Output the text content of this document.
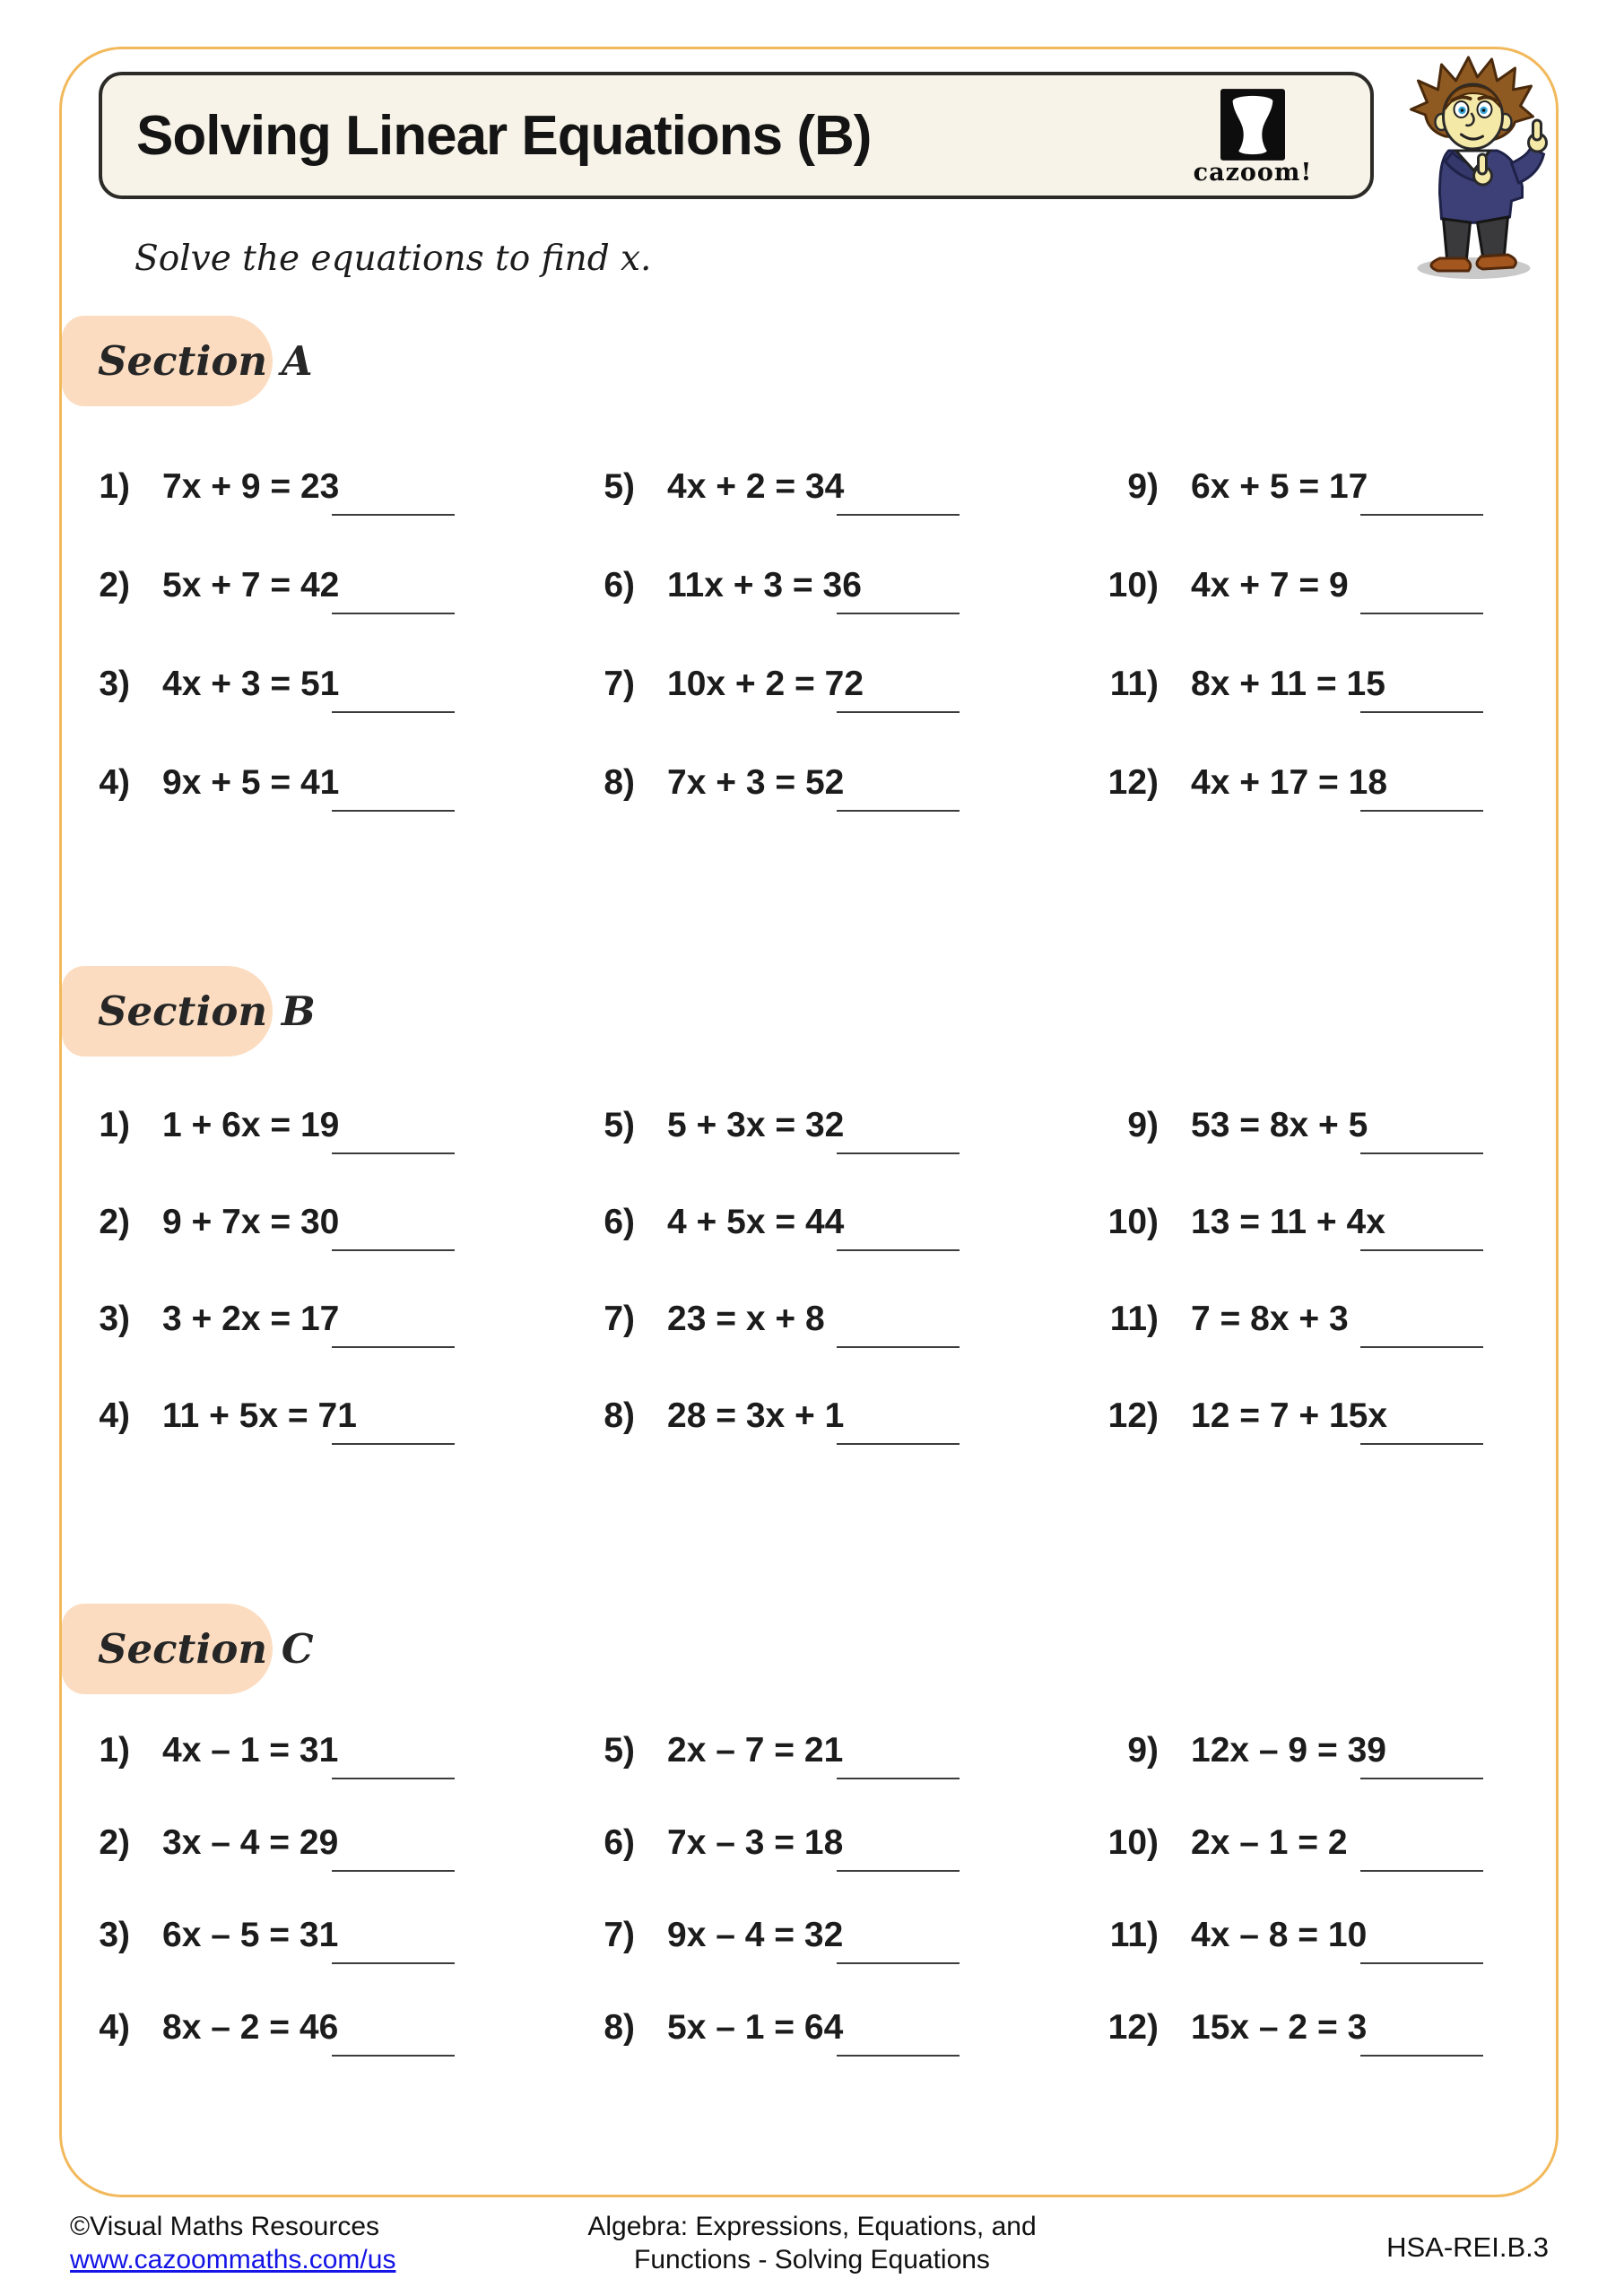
Solving Linear Equations (B)
cazoom!
Solve the equations to find x.
Section A
1) 7x + 9 = 23
2) 5x + 7 = 42
3) 4x + 3 = 51
4) 9x + 5 = 41
5) 4x + 2 = 34
6) 11x + 3 = 36
7) 10x + 2 = 72
8) 7x + 3 = 52
9) 6x + 5 = 17
10) 4x + 7 = 9
11) 8x + 11 = 15
12) 4x + 17 = 18
Section B
1) 1 + 6x = 19
2) 9 + 7x = 30
3) 3 + 2x = 17
4) 11 + 5x = 71
5) 5 + 3x = 32
6) 4 + 5x = 44
7) 23 = x + 8
8) 28 = 3x + 1
9) 53 = 8x + 5
10) 13 = 11 + 4x
11) 7 = 8x + 3
12) 12 = 7 + 15x
Section C
1) 4x – 1 = 31
2) 3x – 4 = 29
3) 6x – 5 = 31
4) 8x – 2 = 46
5) 2x – 7 = 21
6) 7x – 3 = 18
7) 9x – 4 = 32
8) 5x – 1 = 64
9) 12x – 9 = 39
10) 2x – 1 = 2
11) 4x – 8 = 10
12) 15x – 2 = 3
©Visual Maths Resources
www.cazoommaths.com/us
Algebra: Expressions, Equations, and
Functions - Solving Equations	HSA-REI.B.3
